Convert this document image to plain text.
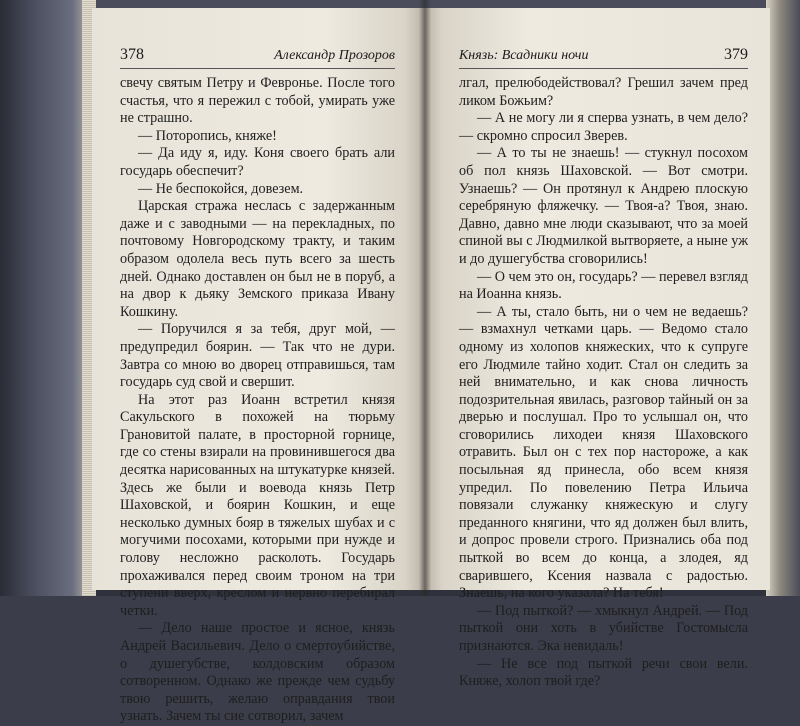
378	Александр Прозоров

свечу святым Петру и Февронье. После того счастья, что я пережил с тобой, умирать уже не страшно.

— Поторопись, княже!

— Да иду я, иду. Коня своего брать али государь обеспечит?

— Не беспокойся, довезем.

Царская стража неслась с задержанным даже и с заводными — на перекладных, по почтовому Новгородскому тракту, и таким образом одолела весь путь всего за шесть дней. Однако доставлен он был не в поруб, а на двор к дьяку Земского приказа Ивану Кошкину.

— Поручился я за тебя, друг мой, — предупредил боярин. — Так что не дури. Завтра со мною во дворец отправишься, там государь суд свой и свершит.

На этот раз Иоанн встретил князя Сакульского в похожей на тюрьму Грановитой палате, в просторной горнице, где со стены взирали на провинившегося два десятка нарисованных на штукатурке князей. Здесь же были и воевода князь Петр Шаховской, и боярин Кошкин, и еще несколько думных бояр в тяжелых шубах и с могучими посохами, которыми при нужде и голову несложно расколоть. Государь прохаживался перед своим троном на три ступени вверх, креслом и нервно перебирал четки.

— Дело наше простое и ясное, князь Андрей Васильевич. Дело о смертоубийстве, о душегубстве, колдовским образом сотворенном. Однако же прежде чем судьбу твою решить, желаю оправдания твои узнать. Зачем ты сие сотворил, зачем

Князь: Всадники ночи	379

лгал, прелюбодействовал? Грешил зачем пред ликом Божьим?

— А не могу ли я сперва узнать, в чем дело? — скромно спросил Зверев.

— А то ты не знаешь! — стукнул посохом об пол князь Шаховской. — Вот смотри. Узнаешь? — Он протянул к Андрею плоскую серебряную фляжечку. — Твоя-а? Твоя, знаю. Давно, давно мне люди сказывают, что за моей спиной вы с Людмилкой вытворяете, а ныне уж и до душегубства сговорились!

— О чем это он, государь? — перевел взгляд на Иоанна князь.

— А ты, стало быть, ни о чем не ведаешь? — взмахнул четками царь. — Ведомо стало одному из холопов княжеских, что к супруге его Людмиле тайно ходит. Стал он следить за ней внимательно, и как снова личность подозрительная явилась, разговор тайный он за дверью и послушал. Про то услышал он, что сговорились лиходеи князя Шаховского отравить. Был он с тех пор настороже, а как посыльная яд принесла, обо всем князя упредил. По повелению Петра Ильича повязали служанку княжескую и слугу преданного княгини, что яд должен был влить, и допрос провели строго. Признались оба под пыткой во всем до конца, а злодея, яд сварившего, Ксения назвала с радостью. Знаешь, на кого указала? На тебя!

— Под пыткой? — хмыкнул Андрей. — Под пыткой они хоть в убийстве Гостомысла признаются. Эка невидаль!

— Не все под пыткой речи свои вели. Княже, холоп твой где?
